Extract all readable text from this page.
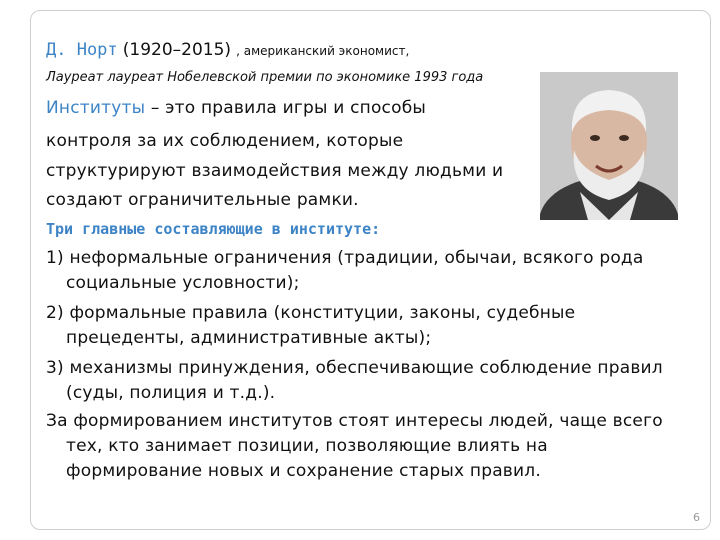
Д. Норт (1920–2015) , американский экономист,
Лауреат лауреат Нобелевской премии по экономике 1993 года
Институты – это правила игры и способы
контроля за их соблюдением, которые
структурируют взаимодействия между людьми и
создают ограничительные рамки.
Три главные составляющие в институте:
1) неформальные ограничения (традиции, обычаи, всякого рода
социальные условности);
2) формальные правила (конституции, законы, судебные
прецеденты, административные акты);
3) механизмы принуждения, обеспечивающие соблюдение правил
(суды, полиция и т.д.).
За формированием институтов стоят интересы людей, чаще всего
тех, кто занимает позиции, позволяющие влиять на
формирование новых и сохранение старых правил.
6
